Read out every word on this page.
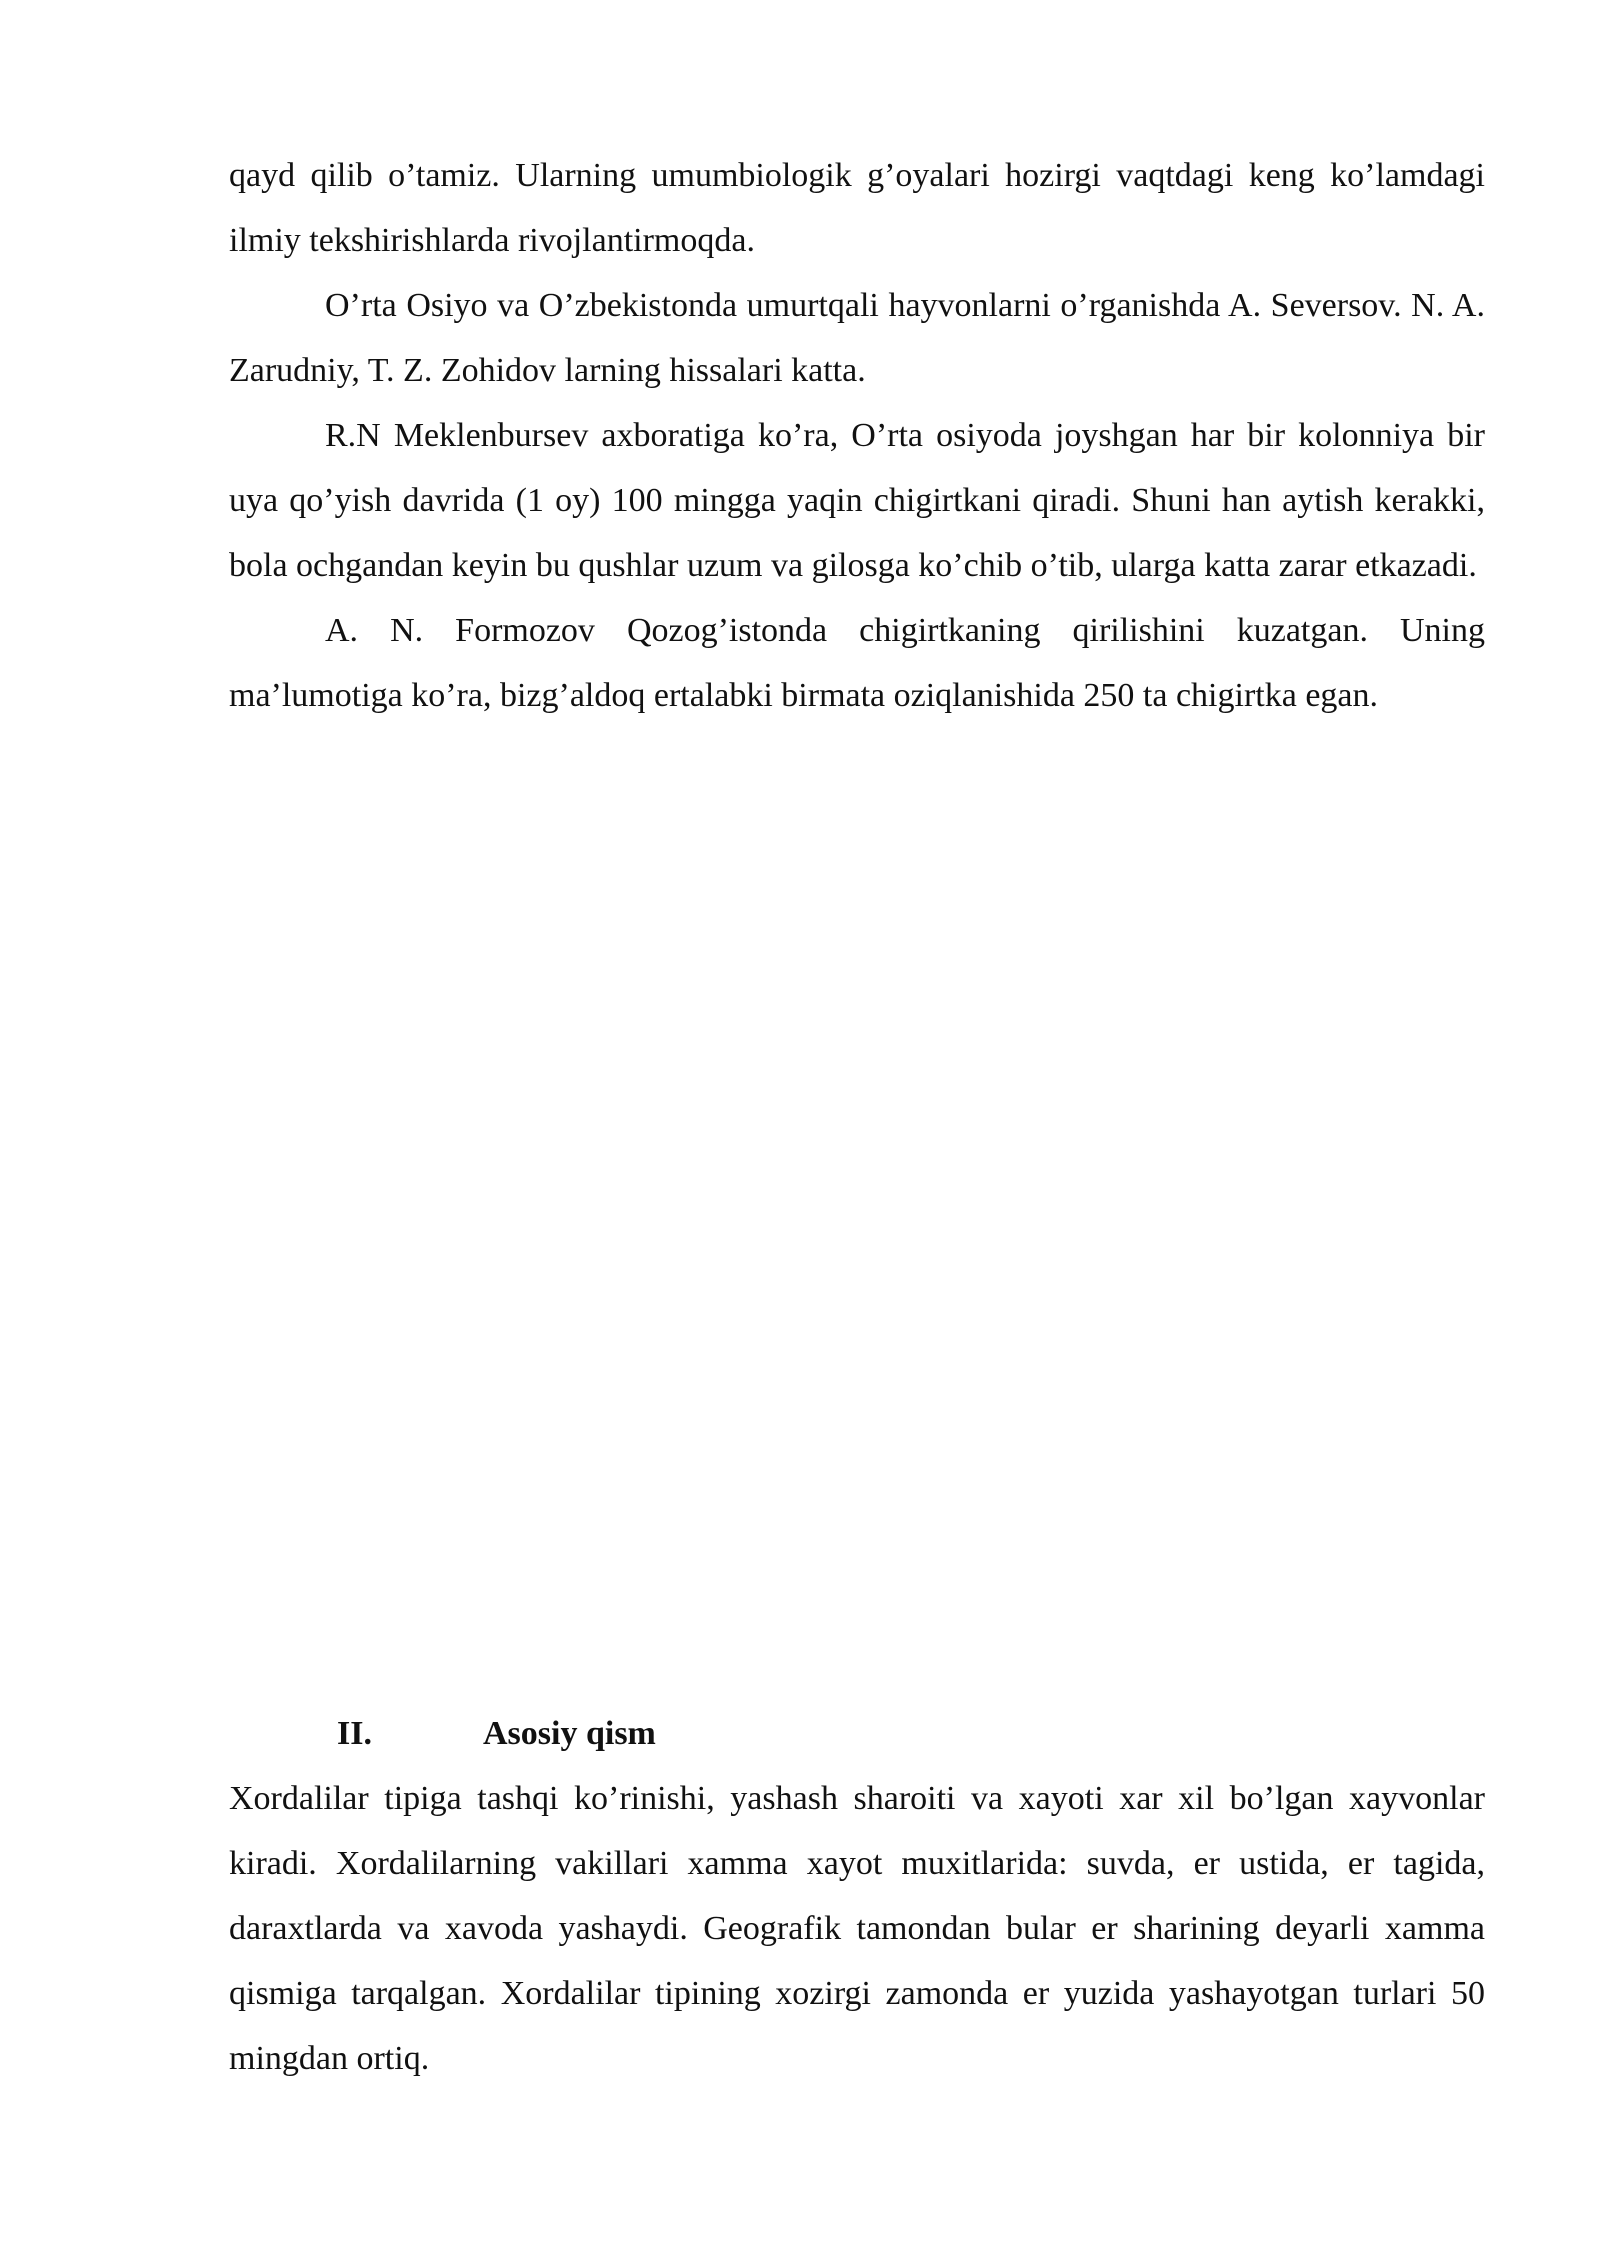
qayd qilib o’tamiz. Ularning umumbiologik g’oyalari hozirgi vaqtdagi keng ko’lamdagi ilmiy tekshirishlarda rivojlantirmoqda.

O’rta Osiyo va O’zbekistonda umurtqali hayvonlarni o’rganishda A. Seversov. N. A. Zarudniy, T. Z. Zohidov larning hissalari katta.

R.N Meklenbursev axboratiga ko’ra, O’rta osiyoda joyshgan har bir kolonniya bir uya qo’yish davrida (1 oy) 100 mingga yaqin chigirtkani qiradi. Shuni han aytish kerakki, bola ochgandan keyin bu qushlar uzum va gilosga ko’chib o’tib, ularga katta zarar etkazadi.

A. N. Formozov Qozog’istonda chigirtkaning qirilishini kuzatgan. Uning ma’lumotiga ko’ra, bizg’aldoq ertalabki birmata oziqlanishida 250 ta chigirtka egan.

II.	Asosiy qism

Xordalilar tipiga tashqi ko’rinishi, yashash sharoiti va xayoti xar xil bo’lgan xayvonlar kiradi. Xordalilarning vakillari xamma xayot muxitlarida: suvda, er ustida, er tagida, daraxtlarda va xavoda yashaydi. Geografik tamondan bular er sharining deyarli xamma qismiga tarqalgan. Xordalilar tipining xozirgi zamonda er yuzida yashayotgan turlari 50 mingdan ortiq.
